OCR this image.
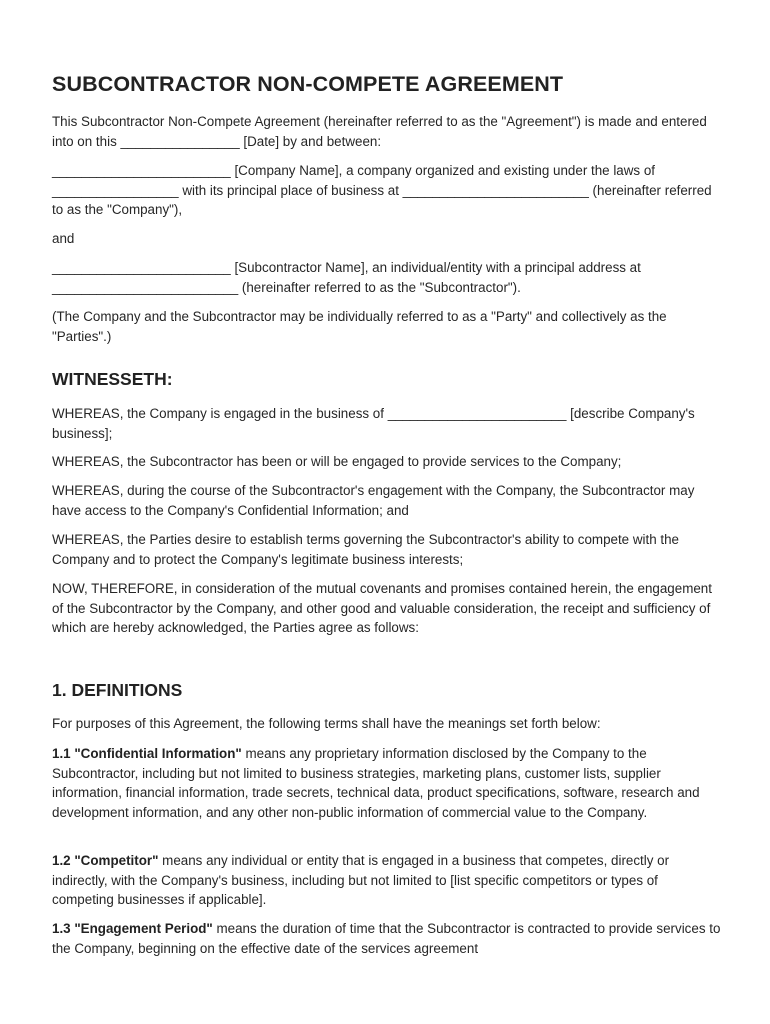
SUBCONTRACTOR NON-COMPETE AGREEMENT

This Subcontractor Non-Compete Agreement (hereinafter referred to as the "Agreement") is made and entered into on this ________________ [Date] by and between:

________________________ [Company Name], a company organized and existing under the laws of _________________ with its principal place of business at _________________________ (hereinafter referred to as the "Company"),

and

________________________ [Subcontractor Name], an individual/entity with a principal address at _________________________ (hereinafter referred to as the "Subcontractor").

(The Company and the Subcontractor may be individually referred to as a "Party" and collectively as the "Parties".)

WITNESSETH:

WHEREAS, the Company is engaged in the business of ________________________ [describe Company's business];

WHEREAS, the Subcontractor has been or will be engaged to provide services to the Company;

WHEREAS, during the course of the Subcontractor's engagement with the Company, the Subcontractor may have access to the Company's Confidential Information; and

WHEREAS, the Parties desire to establish terms governing the Subcontractor's ability to compete with the Company and to protect the Company's legitimate business interests;

NOW, THEREFORE, in consideration of the mutual covenants and promises contained herein, the engagement of the Subcontractor by the Company, and other good and valuable consideration, the receipt and sufficiency of which are hereby acknowledged, the Parties agree as follows:

1. DEFINITIONS

For purposes of this Agreement, the following terms shall have the meanings set forth below:

1.1 "Confidential Information" means any proprietary information disclosed by the Company to the Subcontractor, including but not limited to business strategies, marketing plans, customer lists, supplier information, financial information, trade secrets, technical data, product specifications, software, research and development information, and any other non-public information of commercial value to the Company.

1.2 "Competitor" means any individual or entity that is engaged in a business that competes, directly or indirectly, with the Company's business, including but not limited to [list specific competitors or types of competing businesses if applicable].

1.3 "Engagement Period" means the duration of time that the Subcontractor is contracted to provide services to the Company, beginning on the effective date of the services agreement
